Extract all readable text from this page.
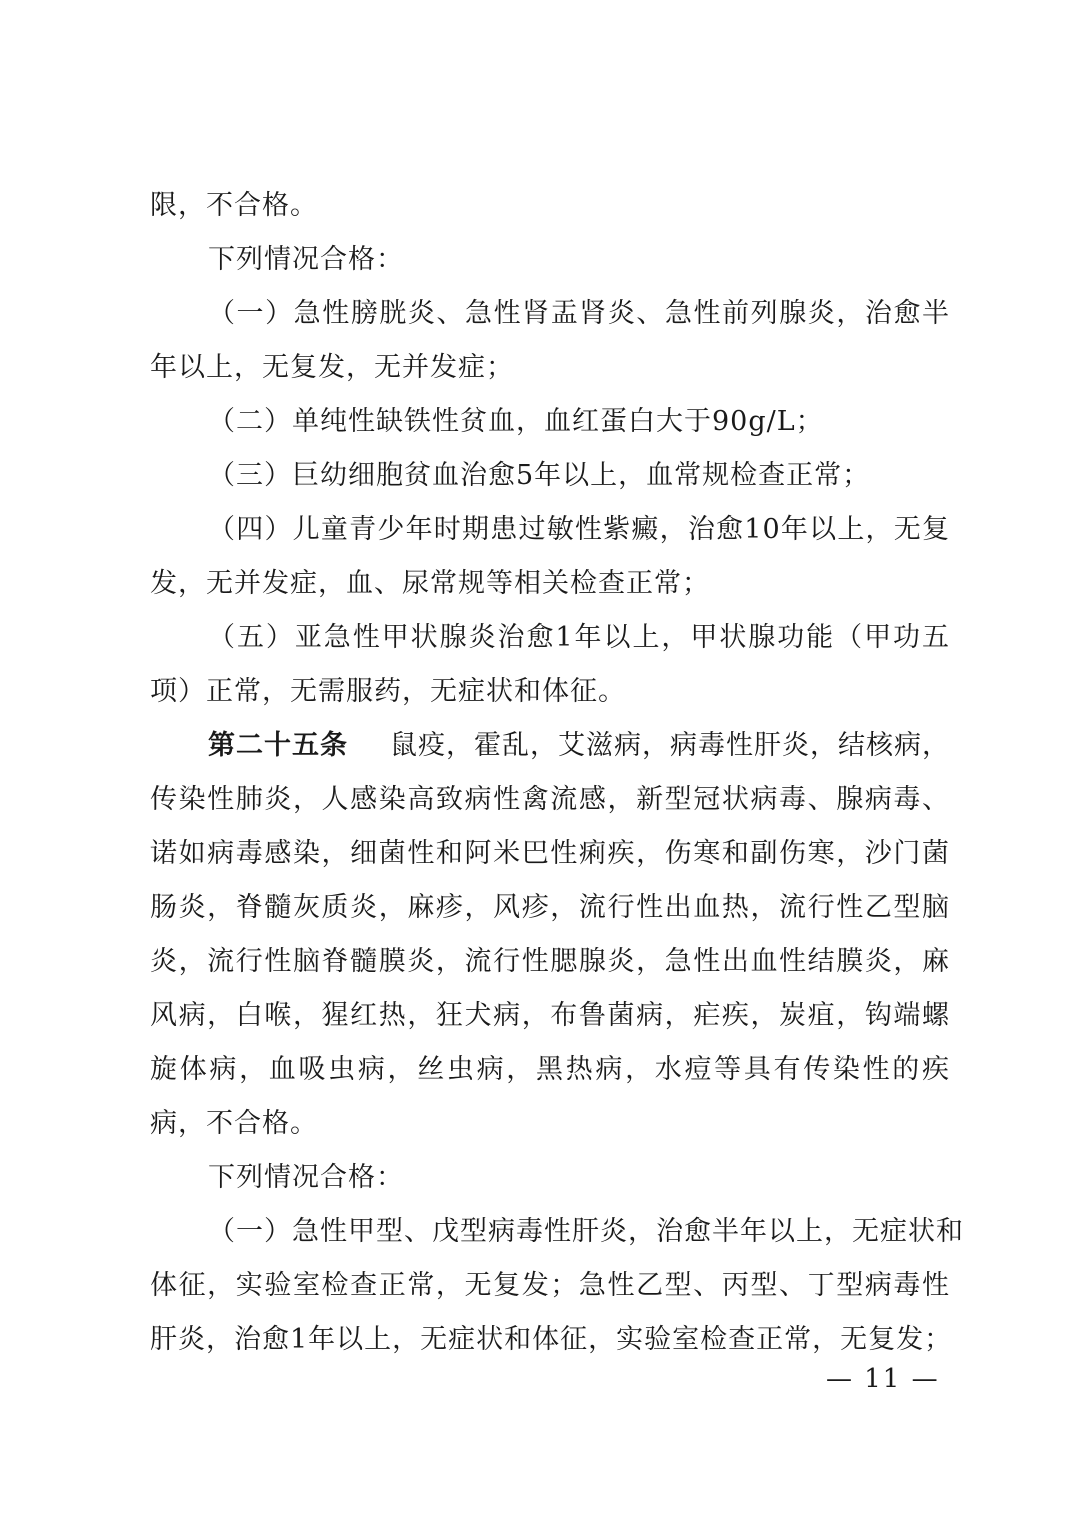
限，不合格。
下列情况合格：
（一）急性膀胱炎、急性肾盂肾炎、急性前列腺炎，治愈半
年以上，无复发，无并发症；
（二）单纯性缺铁性贫血，血红蛋白大于90g/L；
（三）巨幼细胞贫血治愈5年以上，血常规检查正常；
（四）儿童青少年时期患过敏性紫癜，治愈10年以上，无复
发，无并发症，血、尿常规等相关检查正常；
（五）亚急性甲状腺炎治愈1年以上，甲状腺功能（甲功五
项）正常，无需服药，无症状和体征。
第二十五条 鼠疫，霍乱，艾滋病，病毒性肝炎，结核病，
传染性肺炎，人感染高致病性禽流感，新型冠状病毒、腺病毒、
诺如病毒感染，细菌性和阿米巴性痢疾，伤寒和副伤寒，沙门菌
肠炎，脊髓灰质炎，麻疹，风疹，流行性出血热，流行性乙型脑
炎，流行性脑脊髓膜炎，流行性腮腺炎，急性出血性结膜炎，麻
风病，白喉，猩红热，狂犬病，布鲁菌病，疟疾，炭疽，钩端螺
旋体病，血吸虫病，丝虫病，黑热病，水痘等具有传染性的疾
病，不合格。
下列情况合格：
（一）急性甲型、戊型病毒性肝炎，治愈半年以上，无症状和
体征，实验室检查正常，无复发；急性乙型、丙型、丁型病毒性
肝炎，治愈1年以上，无症状和体征，实验室检查正常，无复发；
— 11 —
